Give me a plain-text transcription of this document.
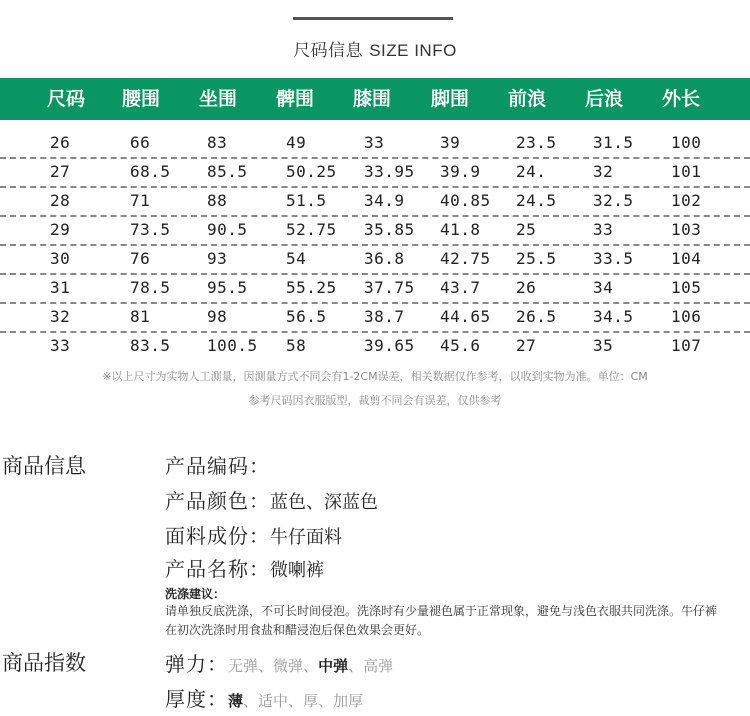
尺码信息 SIZE INFO
尺码 腰围 坐围 髀围 膝围 脚围 前浪 后浪 外长
26	66	83	49	33	39	23.5 31.5 100
27	68.5 85.5 50.25 33.95 39.9 24.	32	101
28	71	88	51.5 34.9 40.85 24.5 32.5 102
29	73.5 90.5 52.75 35.85 41.8 25	33	103
30	76	93	54	36.8 42.75 25.5 33.5 104
31	78.5 95.5 55.25 37.75 43.7 26	34	105
32	81	98	56.5 38.7 44.65 26.5 34.5 106
33	83.5 100.5 58	39.65 45.6 27	35	107
※以上尺寸为实物人工测量，因测量方式不同会有1-2CM误差，相关数据仅作参考，以收到实物为准。单位：CM
参考尺码因衣服版型，裁剪不同会有误差，仅供参考
商品信息	产品编码：
产品颜色：蓝色、深蓝色
面料成份：牛仔面料
产品名称：微喇裤
洗涤建议：
请单独反底洗涤，不可长时间侵泡。洗涤时有少量褪色属于正常现象，避免与浅色衣服共同洗涤。牛仔裤在初次洗涤时用食盐和醋浸泡后保色效果会更好。
商品指数	弹力：无弹、微弹、中弹、高弹
厚度：薄、适中、厚、加厚
